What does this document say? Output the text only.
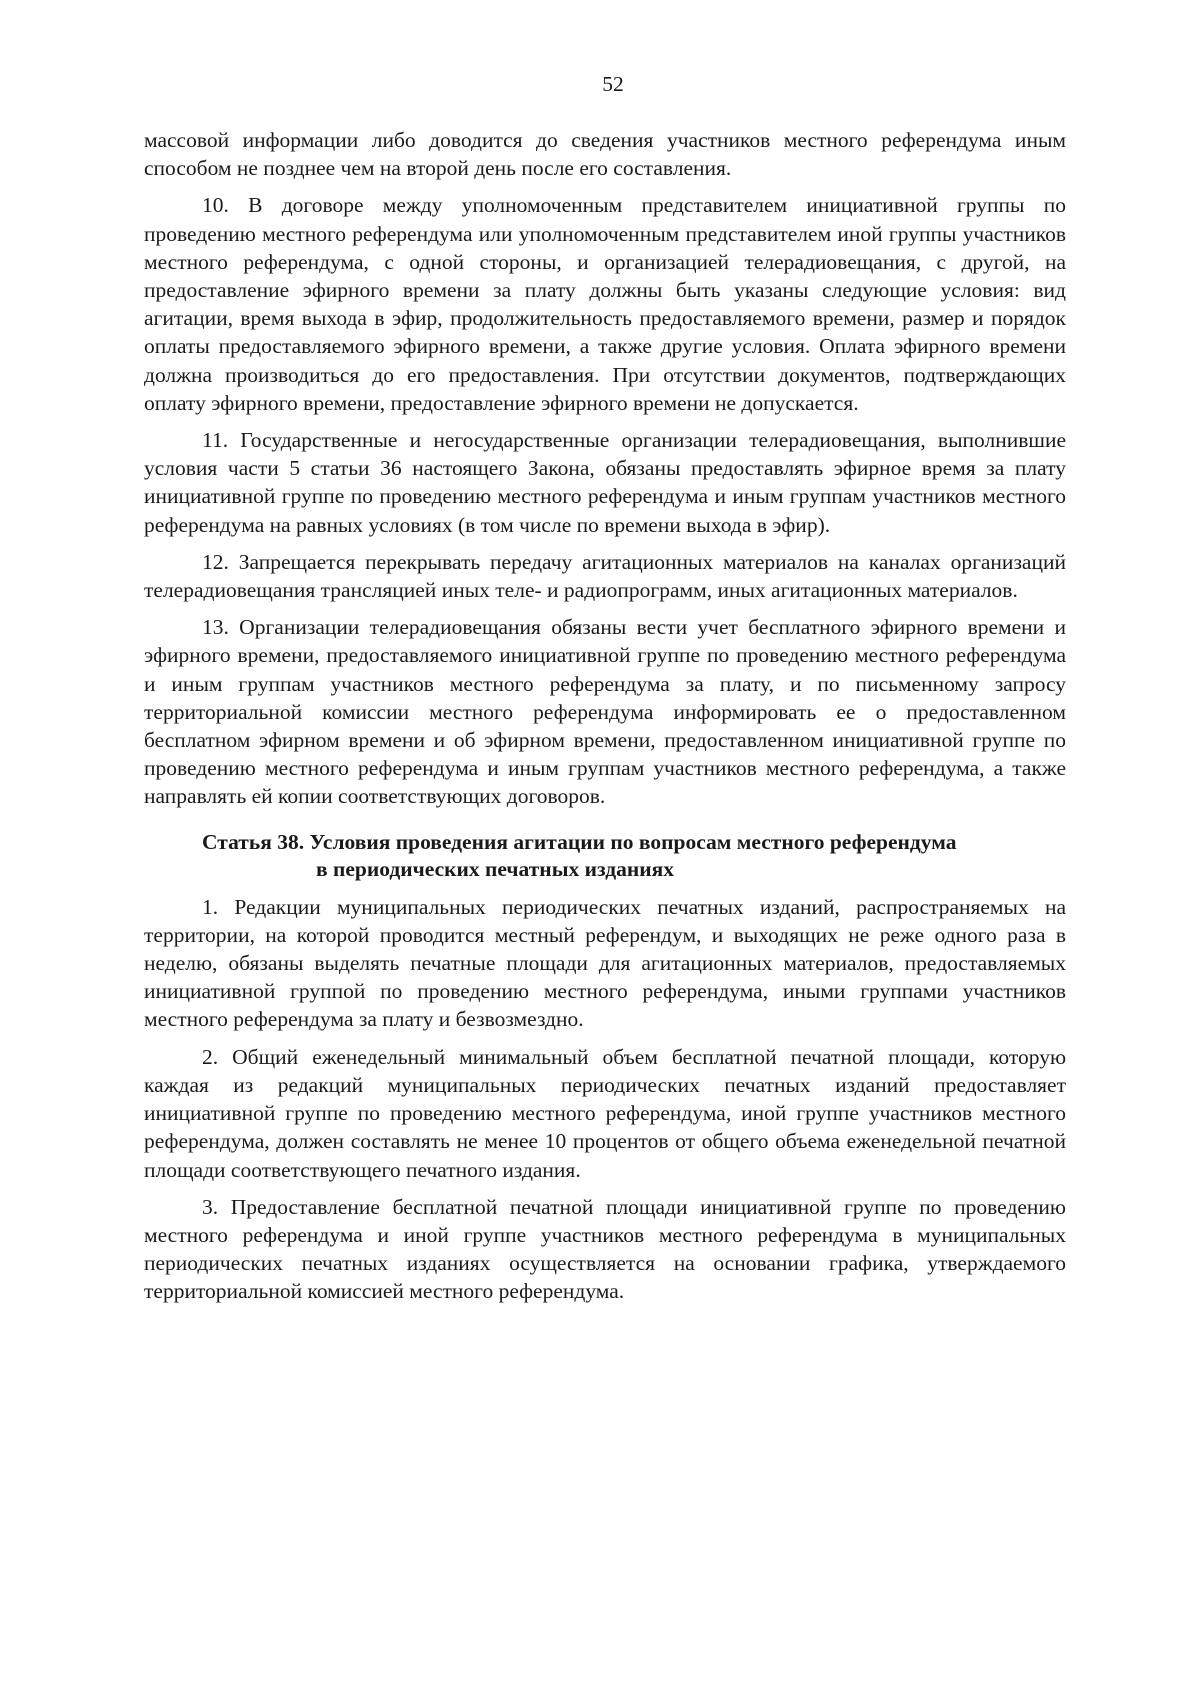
52

массовой информации либо доводится до сведения участников местного референдума иным способом не позднее чем на второй день после его составления.

10. В договоре между уполномоченным представителем инициативной группы по проведению местного референдума или уполномоченным представителем иной группы участников местного референдума, с одной стороны, и организацией телерадиовещания, с другой, на предоставление эфирного времени за плату должны быть указаны следующие условия: вид агитации, время выхода в эфир, продолжительность предоставляемого времени, размер и порядок оплаты предоставляемого эфирного времени, а также другие условия. Оплата эфирного времени должна производиться до его предоставления. При отсутствии документов, подтверждающих оплату эфирного времени, предоставление эфирного времени не допускается.

11. Государственные и негосударственные организации телерадиовещания, выполнившие условия части 5 статьи 36 настоящего Закона, обязаны предоставлять эфирное время за плату инициативной группе по проведению местного референдума и иным группам участников местного референдума на равных условиях (в том числе по времени выхода в эфир).

12. Запрещается перекрывать передачу агитационных материалов на каналах организаций телерадиовещания трансляцией иных теле- и радиопрограмм, иных агитационных материалов.

13. Организации телерадиовещания обязаны вести учет бесплатного эфирного времени и эфирного времени, предоставляемого инициативной группе по проведению местного референдума и иным группам участников местного референдума за плату, и по письменному запросу территориальной комиссии местного референдума информировать ее о предоставленном бесплатном эфирном времени и об эфирном времени, предоставленном инициативной группе по проведению местного референдума и иным группам участников местного референдума, а также направлять ей копии соответствующих договоров.

Статья 38. Условия проведения агитации по вопросам местного референдума
в периодических печатных изданиях

1. Редакции муниципальных периодических печатных изданий, распространяемых на территории, на которой проводится местный референдум, и выходящих не реже одного раза в неделю, обязаны выделять печатные площади для агитационных материалов, предоставляемых инициативной группой по проведению местного референдума, иными группами участников местного референдума за плату и безвозмездно.

2. Общий еженедельный минимальный объем бесплатной печатной площади, которую каждая из редакций муниципальных периодических печатных изданий предоставляет инициативной группе по проведению местного референдума, иной группе участников местного референдума, должен составлять не менее 10 процентов от общего объема еженедельной печатной площади соответствующего печатного издания.

3. Предоставление бесплатной печатной площади инициативной группе по проведению местного референдума и иной группе участников местного референдума в муниципальных периодических печатных изданиях осуществляется на основании графика, утверждаемого территориальной комиссией местного референдума.
